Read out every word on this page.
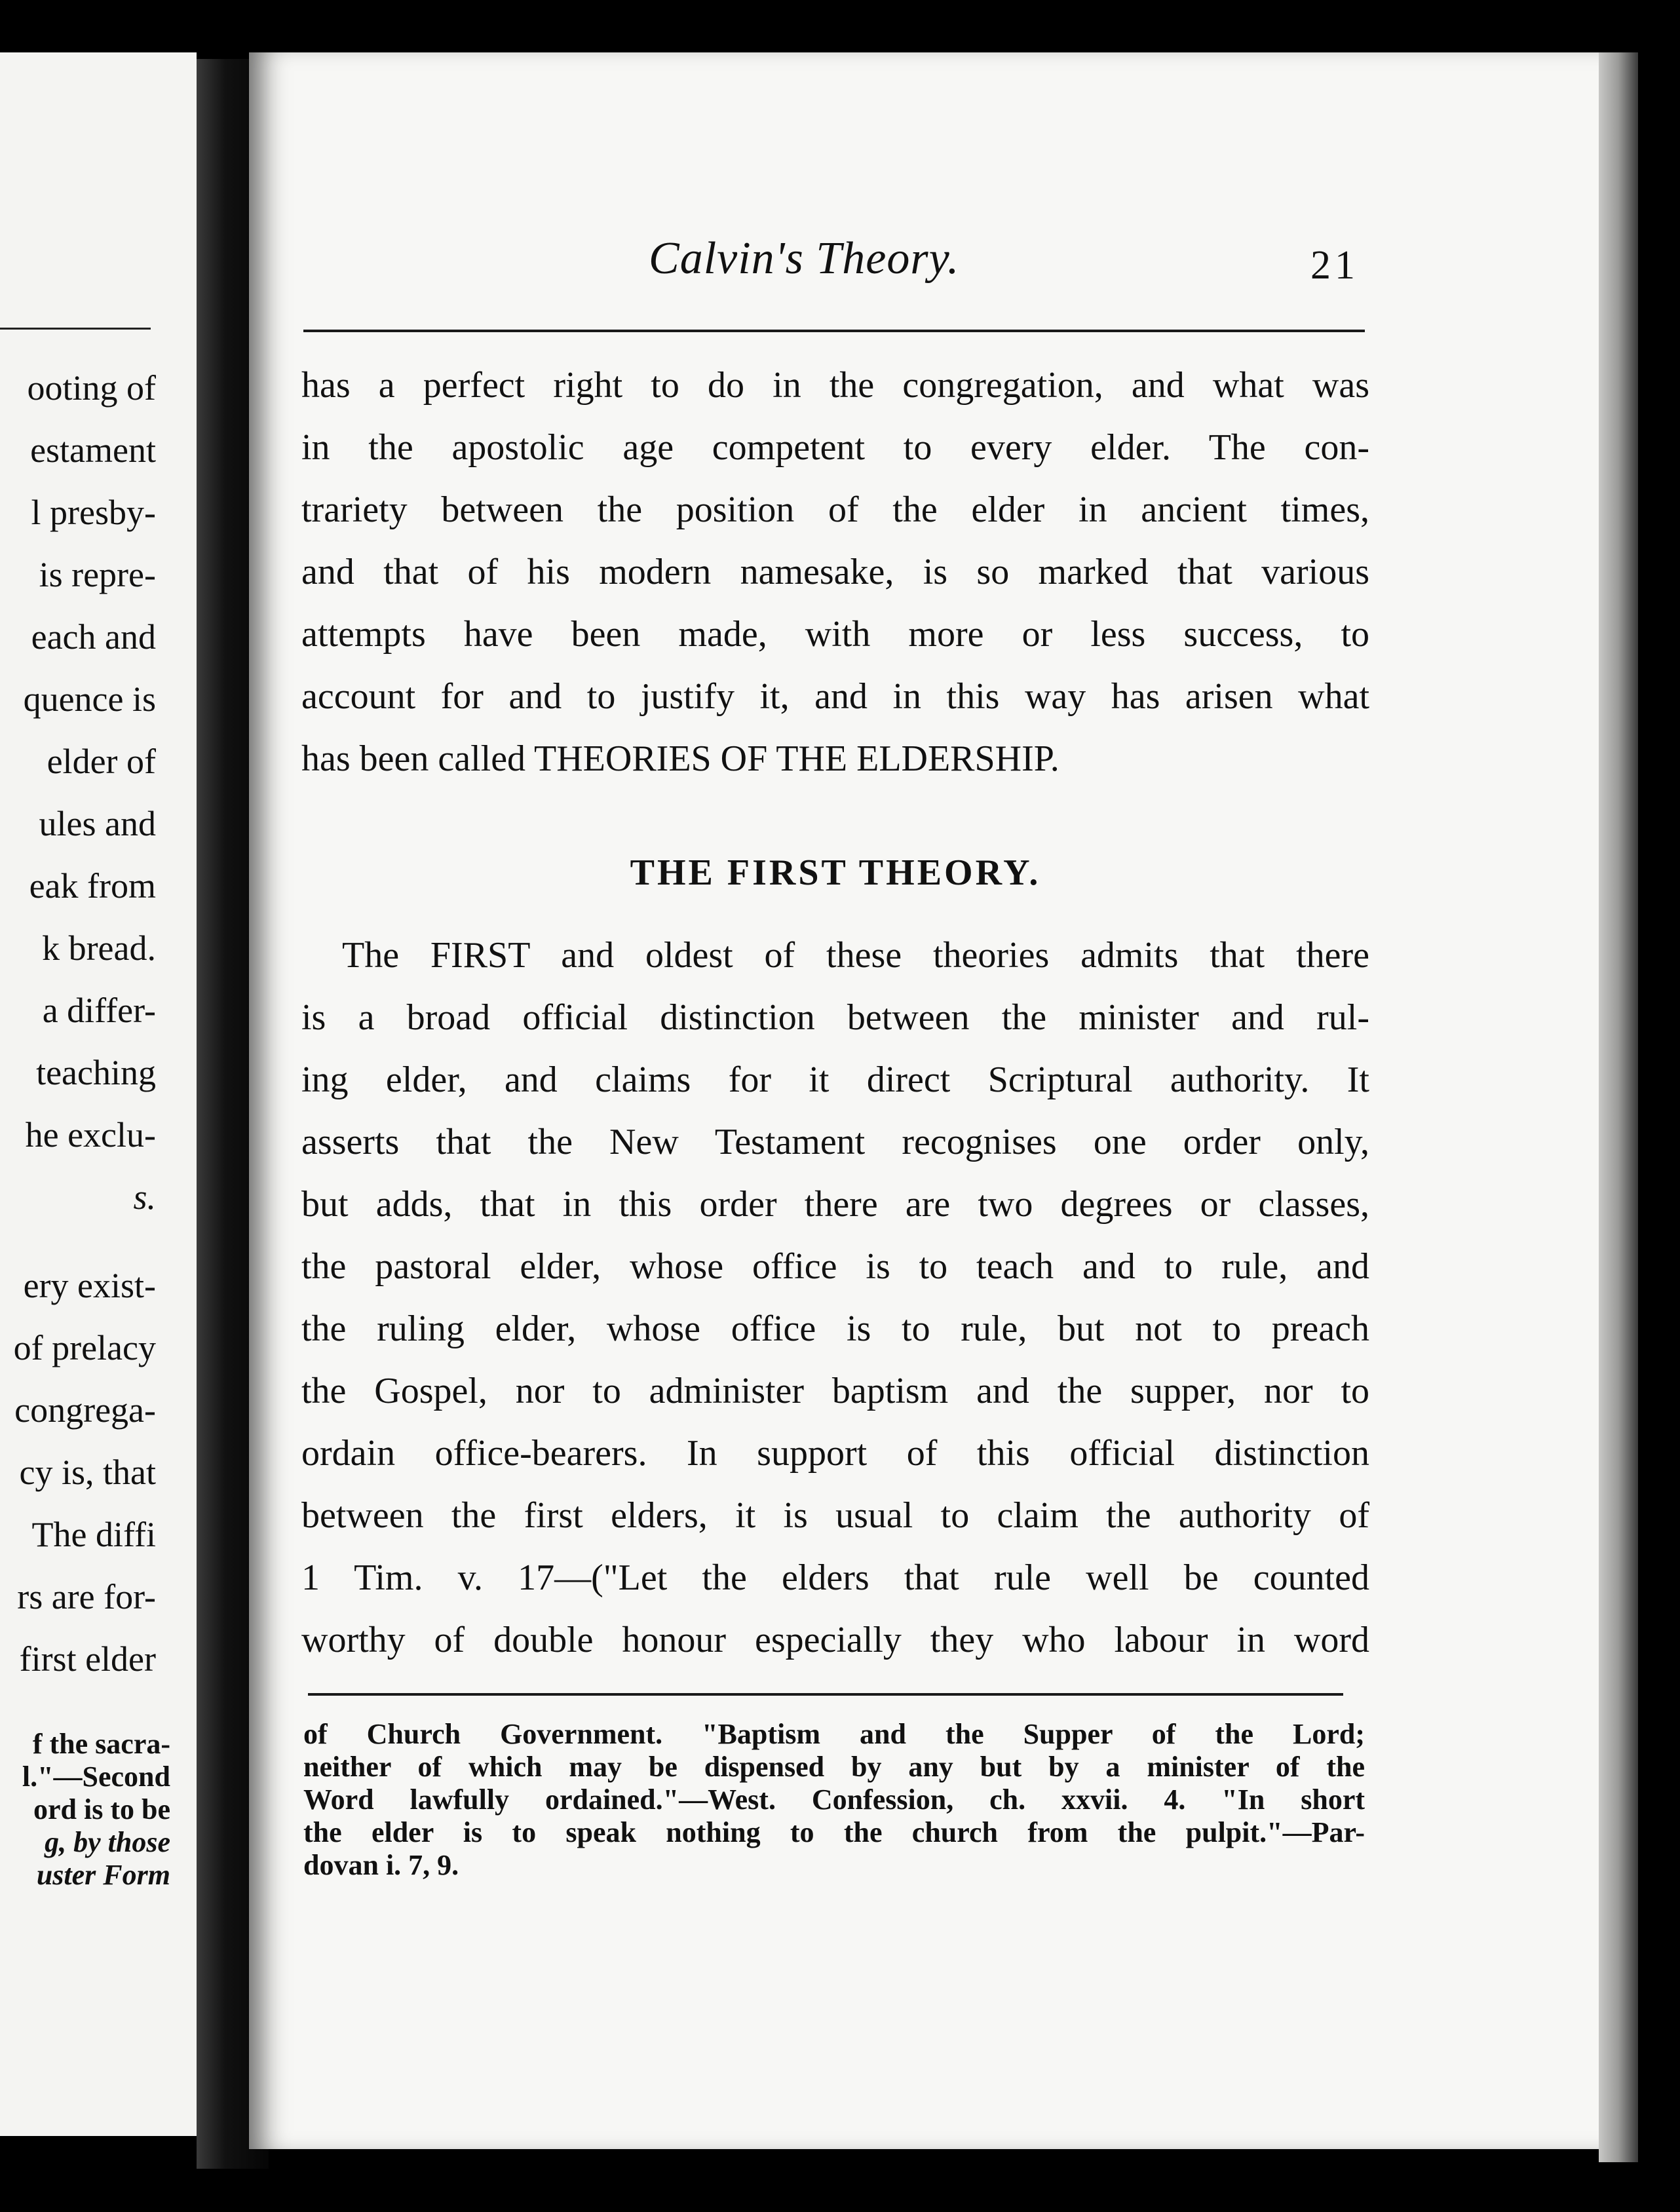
ooting of
estament
l presby-
is repre-
each and
quence is
elder of
ules and
eak from
k bread.
a differ-
teaching
he exclu-
s.
ery exist-
of prelacy
congrega-
cy is, that
The diffi
rs are for-
first elder
f the sacra-
l."—Second
ord is to be
g, by those
uster Form
Calvin's Theory.	21
has a perfect right to do in the congregation, and what was
in the apostolic age competent to every elder. The con-
trariety between the position of the elder in ancient times,
and that of his modern namesake, is so marked that various
attempts have been made, with more or less success, to
account for and to justify it, and in this way has arisen what
has been called THEORIES OF THE ELDERSHIP.
The FIRST and oldest of these theories admits that there
is a broad official distinction between the minister and rul-
ing elder, and claims for it direct Scriptural authority. It
asserts that the New Testament recognises one order only,
but adds, that in this order there are two degrees or classes,
the pastoral elder, whose office is to teach and to rule, and
the ruling elder, whose office is to rule, but not to preach
the Gospel, nor to administer baptism and the supper, nor to
ordain office-bearers. In support of this official distinction
between the first elders, it is usual to claim the authority of
1 Tim. v. 17—("Let the elders that rule well be counted
worthy of double honour especially they who labour in word
THE FIRST THEORY.
of Church Government. "Baptism and the Supper of the Lord;
neither of which may be dispensed by any but by a minister of the
Word lawfully ordained."—West. Confession, ch. xxvii. 4. "In short
the elder is to speak nothing to the church from the pulpit."—Par-
dovan i. 7, 9.
